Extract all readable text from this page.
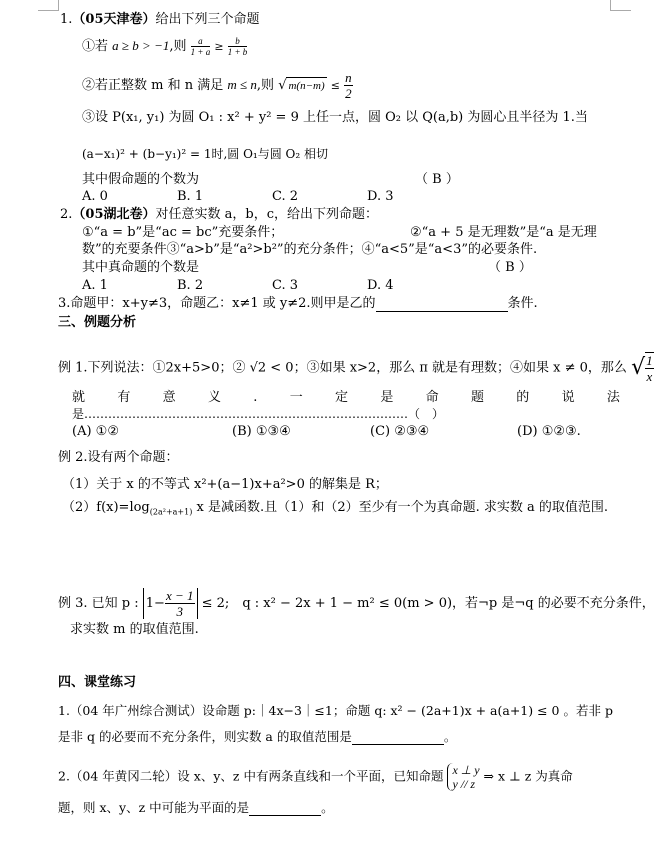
1.（05天津卷）给出下列三个命题
①若 a ≥ b > −1,则 $\frac{a}{1 + a} \ge \frac{b}{1 + b}$
②若正整数 m 和 n 满足 m ≤ n,则 √ $m(n-m) \le \frac{n}{2}$
③设 P(x₁, y₁) 为圆 O₁ : x² + y² = 9 上任一点，圆 O₂ 以 Q(a,b) 为圆心且半径为 1.当
(a−x₁)² + (b−y₁)² = 1时,圆 O₁与圆 O₂ 相切
其中假命题的个数为	（ B ）
A. 0	B. 1	C. 2	D. 3
2.（05湖北卷）对任意实数 a，b，c，给出下列命题：
①“a = b”是“ac = bc”充要条件；	②“a + 5 是无理数”是“a 是无理
数”的充要条件③“a>b”是“a²>b²”的充分条件；④“a<5”是“a<3”的必要条件.
其中真命题的个数是	（ B ）
A. 1	B. 2	C. 3	D. 4
3.命题甲：x+y≠3，命题乙：x≠1 或 y≠2.则甲是乙的	条件.
三、例题分析
例 1.下列说法：①2x+5>0；② √2 < 0；③如果 x>2，那么 π 就是有理数；④如果 x ≠ 0，那么 √ $\frac{1}{x}$
就 有 意 义 . 一 定 是 命 题 的 说 法
是………………………………………………………………………（　）
(A) ①②	(B) ①③④	(C) ②③④	(D) ①②③.
例 2.设有两个命题：
（1）关于 x 的不等式 x²+(a−1)x+a²>0 的解集是 R；
$(2)f(x)=\log_{(2a^2+a+1)}$ x 是减函数.且（1）和（2）至少有一个为真命题. 求实数 a 的取值范围.
例 3. 已知 p : $1- \frac{x - 1}{3} \le 2$;　q : x² − 2x + 1 − m² ≤ 0(m > 0)，若¬p 是¬q 的必要不充分条件，
求实数 m 的取值范围.
四、课堂练习
1.（04 年广州综合测试）设命题 p:｜4x−3｜≤1；命题 q: x² − (2a+1)x + a(a+1) ≤ 0 。若非 p
是非 q 的必要而不充分条件，则实数 a 的取值范围是	。
2.（04 年黄冈二轮）设 x、y、z 中有两条直线和一个平面，已知命题 x ⊥ y
y // z
⇒ x ⊥ z 为真命
题，则 x、y、z 中可能为平面的是	。
